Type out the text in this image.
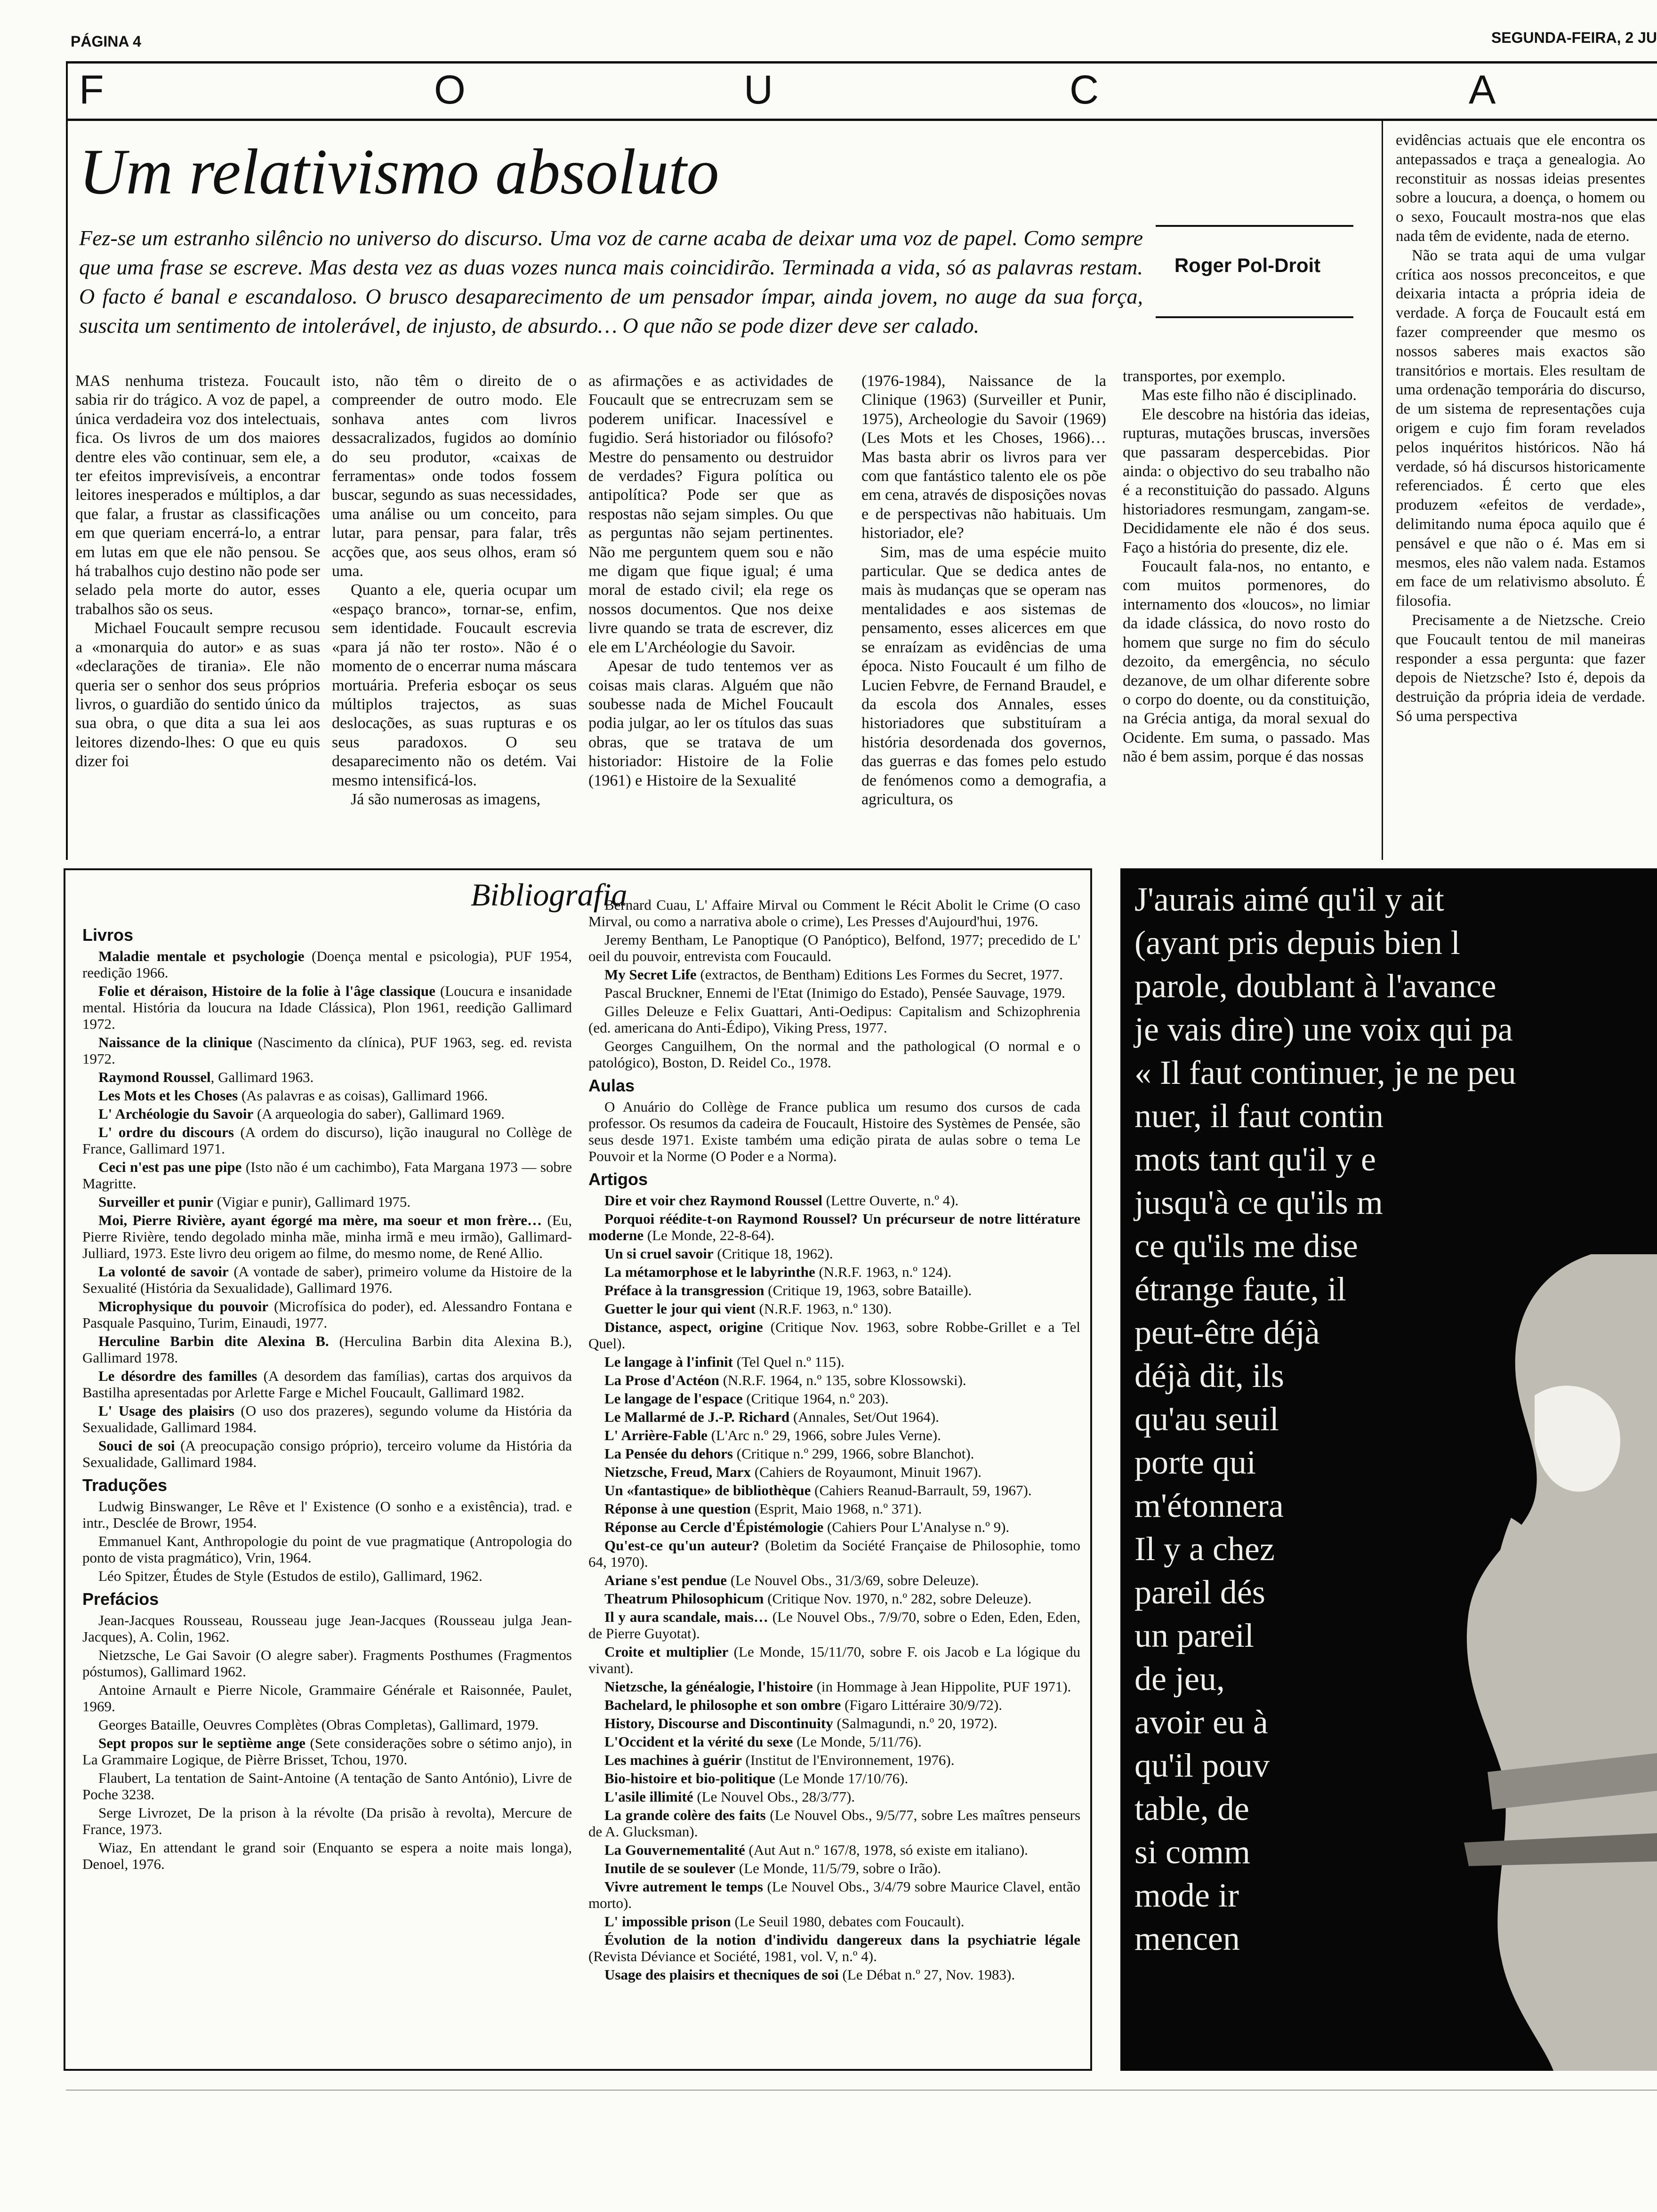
PÁGINA 4	SEGUNDA-FEIRA, 2 JU
F	O	U	C	A
Um relativismo absoluto
Fez-se um estranho silêncio no universo do discurso. Uma voz de carne acaba de deixar uma voz de papel. Como sempre que uma frase se escreve. Mas desta vez as duas vozes nunca mais coincidirão. Terminada a vida, só as palavras restam. O facto é banal e escandaloso. O brusco desaparecimento de um pensador ímpar, ainda jovem, no auge da sua força, suscita um sentimento de intolerável, de injusto, de absurdo… O que não se pode dizer deve ser calado.
Roger Pol-Droit

MAS nenhuma tristeza. Foucault sabia rir do trágico. A voz de papel, a única verdadeira voz dos intelectuais, fica. Os livros de um dos maiores dentre eles vão continuar, sem ele, a ter efeitos imprevisíveis, a encontrar leitores inesperados e múltiplos, a dar que falar, a frustar as classificações em que queriam encerrá-lo, a entrar em lutas em que ele não pensou. Se há trabalhos cujo destino não pode ser selado pela morte do autor, esses trabalhos são os seus.

Michael Foucault sempre recusou a «monarquia do autor» e as suas «declarações de tirania». Ele não queria ser o senhor dos seus próprios livros, o guardião do sentido único da sua obra, o que dita a sua lei aos leitores dizendo-lhes: O que eu quis dizer foi

isto, não têm o direito de o compreender de outro modo. Ele sonhava antes com livros dessacralizados, fugidos ao domínio do seu produtor, «caixas de ferramentas» onde todos fossem buscar, segundo as suas necessidades, uma análise ou um conceito, para lutar, para pensar, para falar, três acções que, aos seus olhos, eram só uma.

Quanto a ele, queria ocupar um «espaço branco», tornar-se, enfim, sem identidade. Foucault escrevia «para já não ter rosto». Não é o momento de o encerrar numa máscara mortuária. Preferia esboçar os seus múltiplos trajectos, as suas deslocações, as suas rupturas e os seus paradoxos. O seu desaparecimento não os detém. Vai mesmo intensificá-los.

Já são numerosas as imagens,

as afirmações e as actividades de Foucault que se entrecruzam sem se poderem unificar. Inacessível e fugidio. Será historiador ou filósofo? Mestre do pensamento ou destruidor de verdades? Figura política ou antipolítica? Pode ser que as respostas não sejam simples. Ou que as perguntas não sejam pertinentes. Não me perguntem quem sou e não me digam que fique igual; é uma moral de estado civil; ela rege os nossos documentos. Que nos deixe livre quando se trata de escrever, diz ele em L'Archéologie du Savoir.

Apesar de tudo tentemos ver as coisas mais claras. Alguém que não soubesse nada de Michel Foucault podia julgar, ao ler os títulos das suas obras, que se tratava de um historiador: Histoire de la Folie (1961) e Histoire de la Sexualité

(1976-1984), Naissance de la Clinique (1963) (Surveiller et Punir, 1975), Archeologie du Savoir (1969) (Les Mots et les Choses, 1966)… Mas basta abrir os livros para ver com que fantástico talento ele os põe em cena, através de disposições novas e de perspectivas não habituais. Um historiador, ele?

Sim, mas de uma espécie muito particular. Que se dedica antes de mais às mudanças que se operam nas mentalidades e aos sistemas de pensamento, esses alicerces em que se enraízam as evidências de uma época. Nisto Foucault é um filho de Lucien Febvre, de Fernand Braudel, e da escola dos Annales, esses historiadores que substituíram a história desordenada dos governos, das guerras e das fomes pelo estudo de fenómenos como a demografia, a agricultura, os

transportes, por exemplo.

Mas este filho não é disciplinado.

Ele descobre na história das ideias, rupturas, mutações bruscas, inversões que passaram despercebidas. Pior ainda: o objectivo do seu trabalho não é a reconstituição do passado. Alguns historiadores resmungam, zangam-se. Decididamente ele não é dos seus. Faço a história do presente, diz ele.

Foucault fala-nos, no entanto, e com muitos pormenores, do internamento dos «loucos», no limiar da idade clássica, do novo rosto do homem que surge no fim do século dezoito, da emergência, no século dezanove, de um olhar diferente sobre o corpo do doente, ou da constituição, na Grécia antiga, da moral sexual do Ocidente. Em suma, o passado. Mas não é bem assim, porque é das nossas

evidências actuais que ele encontra os antepassados e traça a genealogia. Ao reconstituir as nossas ideias presentes sobre a loucura, a doença, o homem ou o sexo, Foucault mostra-nos que elas nada têm de evidente, nada de eterno.

Não se trata aqui de uma vulgar crítica aos nossos preconceitos, e que deixaria intacta a própria ideia de verdade. A força de Foucault está em fazer compreender que mesmo os nossos saberes mais exactos são transitórios e mortais. Eles resultam de uma ordenação temporária do discurso, de um sistema de representações cuja origem e cujo fim foram revelados pelos inquéritos históricos. Não há verdade, só há discursos historicamente referenciados. É certo que eles produzem «efeitos de verdade», delimitando numa época aquilo que é pensável e que não o é. Mas em si mesmos, eles não valem nada. Estamos em face de um relativismo absoluto. É filosofia.

Precisamente a de Nietzsche. Creio que Foucault tentou de mil maneiras responder a essa pergunta: que fazer depois de Nietzsche? Isto é, depois da destruição da própria ideia de verdade. Só uma perspectiva

Bibliografia
Livros

Maladie mentale et psychologie (Doença mental e psicologia), PUF 1954, reedição 1966.

Folie et déraison, Histoire de la folie à l'âge classique (Loucura e insanidade mental. História da loucura na Idade Clássica), Plon 1961, reedição Gallimard 1972.

Naissance de la clinique (Nascimento da clínica), PUF 1963, seg. ed. revista 1972.

Raymond Roussel, Gallimard 1963.

Les Mots et les Choses (As palavras e as coisas), Gallimard 1966.

L' Archéologie du Savoir (A arqueologia do saber), Gallimard 1969.

L' ordre du discours (A ordem do discurso), lição inaugural no Collège de France, Gallimard 1971.

Ceci n'est pas une pipe (Isto não é um cachimbo), Fata Margana 1973 — sobre Magritte.

Surveiller et punir (Vigiar e punir), Gallimard 1975.

Moi, Pierre Rivière, ayant égorgé ma mère, ma soeur et mon frère… (Eu, Pierre Rivière, tendo degolado minha mãe, minha irmã e meu irmão), Gallimard-Julliard, 1973. Este livro deu origem ao filme, do mesmo nome, de René Allio.

La volonté de savoir (A vontade de saber), primeiro volume da Histoire de la Sexualité (História da Sexualidade), Gallimard 1976.

Microphysique du pouvoir (Microfísica do poder), ed. Alessandro Fontana e Pasquale Pasquino, Turim, Einaudi, 1977.

Herculine Barbin dite Alexina B. (Herculina Barbin dita Alexina B.), Gallimard 1978.

Le désordre des familles (A desordem das famílias), cartas dos arquivos da Bastilha apresentadas por Arlette Farge e Michel Foucault, Gallimard 1982.

L' Usage des plaisirs (O uso dos prazeres), segundo volume da História da Sexualidade, Gallimard 1984.

Souci de soi (A preocupação consigo próprio), terceiro volume da História da Sexualidade, Gallimard 1984.

Traduções

Ludwig Binswanger, Le Rêve et l' Existence (O sonho e a existência), trad. e intr., Desclée de Browr, 1954.

Emmanuel Kant, Anthropologie du point de vue pragmatique (Antropologia do ponto de vista pragmático), Vrin, 1964.

Léo Spitzer, Études de Style (Estudos de estilo), Gallimard, 1962.

Prefácios

Jean-Jacques Rousseau, Rousseau juge Jean-Jacques (Rousseau julga Jean-Jacques), A. Colin, 1962.

Nietzsche, Le Gai Savoir (O alegre saber). Fragments Posthumes (Fragmentos póstumos), Gallimard 1962.

Antoine Arnault e Pierre Nicole, Grammaire Générale et Raisonnée, Paulet, 1969.

Georges Bataille, Oeuvres Complètes (Obras Completas), Gallimard, 1979.

Sept propos sur le septième ange (Sete considerações sobre o sétimo anjo), in La Grammaire Logique, de Pièrre Brisset, Tchou, 1970.

Flaubert, La tentation de Saint-Antoine (A tentação de Santo António), Livre de Poche 3238.

Serge Livrozet, De la prison à la révolte (Da prisão à revolta), Mercure de France, 1973.

Wiaz, En attendant le grand soir (Enquanto se espera a noite mais longa), Denoel, 1976.

Bernard Cuau, L' Affaire Mirval ou Comment le Récit Abolit le Crime (O caso Mirval, ou como a narrativa abole o crime), Les Presses d'Aujourd'hui, 1976.

Jeremy Bentham, Le Panoptique (O Panóptico), Belfond, 1977; precedido de L' oeil du pouvoir, entrevista com Foucauld.

My Secret Life (extractos, de Bentham) Editions Les Formes du Secret, 1977.

Pascal Bruckner, Ennemi de l'Etat (Inimigo do Estado), Pensée Sauvage, 1979.

Gilles Deleuze e Felix Guattari, Anti-Oedipus: Capitalism and Schizophrenia (ed. americana do Anti-Édipo), Viking Press, 1977.

Georges Canguilhem, On the normal and the pathological (O normal e o patológico), Boston, D. Reidel Co., 1978.

Aulas

O Anuário do Collège de France publica um resumo dos cursos de cada professor. Os resumos da cadeira de Foucault, Histoire des Systèmes de Pensée, são seus desde 1971. Existe também uma edição pirata de aulas sobre o tema Le Pouvoir et la Norme (O Poder e a Norma).

Artigos

Dire et voir chez Raymond Roussel (Lettre Ouverte, n.º 4).

Porquoi réédite-t-on Raymond Roussel? Un précurseur de notre littérature moderne (Le Monde, 22-8-64).

Un si cruel savoir (Critique 18, 1962).

La métamorphose et le labyrinthe (N.R.F. 1963, n.º 124).

Préface à la transgression (Critique 19, 1963, sobre Bataille).

Guetter le jour qui vient (N.R.F. 1963, n.º 130).

Distance, aspect, origine (Critique Nov. 1963, sobre Robbe-Grillet e a Tel Quel).

Le langage à l'infinit (Tel Quel n.º 115).

La Prose d'Actéon (N.R.F. 1964, n.º 135, sobre Klossowski).

Le langage de l'espace (Critique 1964, n.º 203).

Le Mallarmé de J.-P. Richard (Annales, Set/Out 1964).

L' Arrière-Fable (L'Arc n.º 29, 1966, sobre Jules Verne).

La Pensée du dehors (Critique n.º 299, 1966, sobre Blanchot).

Nietzsche, Freud, Marx (Cahiers de Royaumont, Minuit 1967).

Un «fantastique» de bibliothèque (Cahiers Reanud-Barrault, 59, 1967).

Réponse à une question (Esprit, Maio 1968, n.º 371).

Réponse au Cercle d'Épistémologie (Cahiers Pour L'Analyse n.º 9).

Qu'est-ce qu'un auteur? (Boletim da Société Française de Philosophie, tomo 64, 1970).

Ariane s'est pendue (Le Nouvel Obs., 31/3/69, sobre Deleuze).

Theatrum Philosophicum (Critique Nov. 1970, n.º 282, sobre Deleuze).

Il y aura scandale, mais… (Le Nouvel Obs., 7/9/70, sobre o Eden, Eden, Eden, de Pierre Guyotat).

Croite et multiplier (Le Monde, 15/11/70, sobre F. ois Jacob e La lógique du vivant).

Nietzsche, la généalogie, l'histoire (in Hommage à Jean Hippolite, PUF 1971).

Bachelard, le philosophe et son ombre (Figaro Littéraire 30/9/72).

History, Discourse and Discontinuity (Salmagundi, n.º 20, 1972).

L'Occident et la vérité du sexe (Le Monde, 5/11/76).

Les machines à guérir (Institut de l'Environnement, 1976).

Bio-histoire et bio-politique (Le Monde 17/10/76).

L'asile illimité (Le Nouvel Obs., 28/3/77).

La grande colère des faits (Le Nouvel Obs., 9/5/77, sobre Les maîtres penseurs de A. Glucksman).

La Gouvernementalité (Aut Aut n.º 167/8, 1978, só existe em italiano).

Inutile de se soulever (Le Monde, 11/5/79, sobre o Irão).

Vivre autrement le temps (Le Nouvel Obs., 3/4/79 sobre Maurice Clavel, então morto).

L' impossible prison (Le Seuil 1980, debates com Foucault).

Évolution de la notion d'individu dangereux dans la psychiatrie légale (Revista Déviance et Société, 1981, vol. V, n.º 4).

Usage des plaisirs et thecniques de soi (Le Débat n.º 27, Nov. 1983).

J'aurais aimé qu'il y ait
(ayant pris depuis bien l
parole, doublant à l'avance
je vais dire) une voix qui pa
« Il faut continuer, je ne peu
nuer, il faut contin
mots tant qu'il y e
jusqu'à ce qu'ils m
ce qu'ils me dise
étrange faute, il
peut-être déjà
déjà dit, ils
qu'au seuil
porte qui
m'étonnera
Il y a chez
pareil dés
un pareil
de jeu,
avoir eu à
qu'il pouv
table, de
si comm
mode ir
mencen
